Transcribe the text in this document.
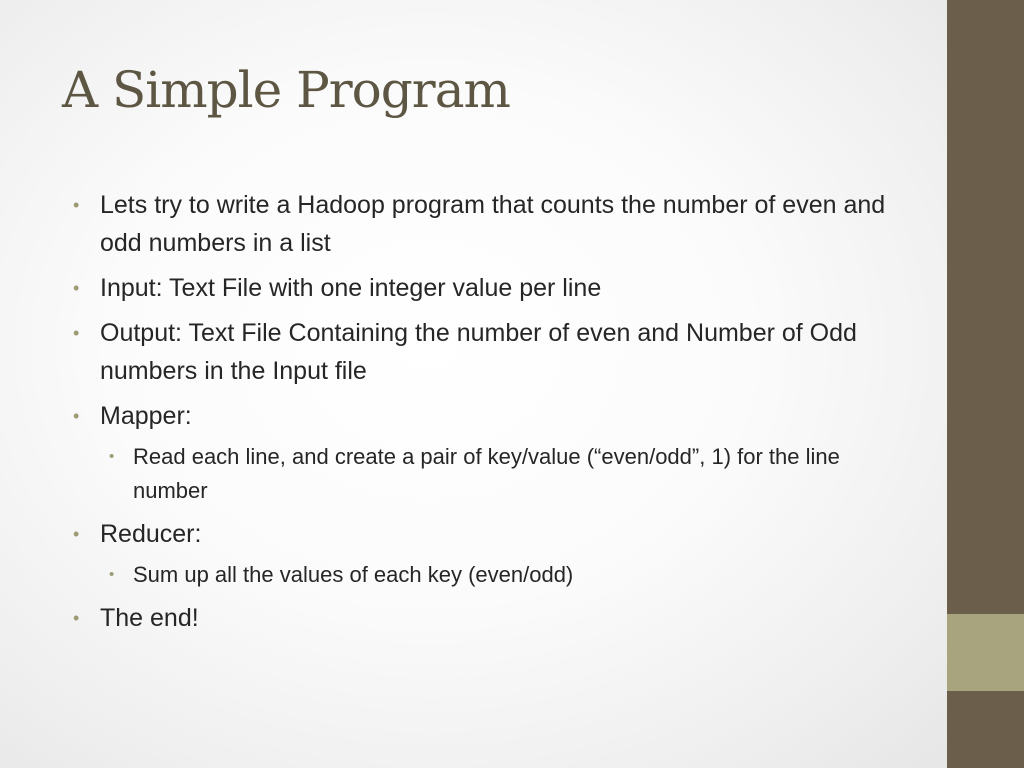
A Simple Program
• Lets try to write a Hadoop program that counts the number of even and odd numbers in a list
• Input: Text File with one integer value per line
• Output: Text File Containing the number of even and Number of Odd numbers in the Input file
• Mapper:
• Read each line, and create a pair of key/value (“even/odd”, 1) for the line number
• Reducer:
• Sum up all the values of each key (even/odd)
• The end!
